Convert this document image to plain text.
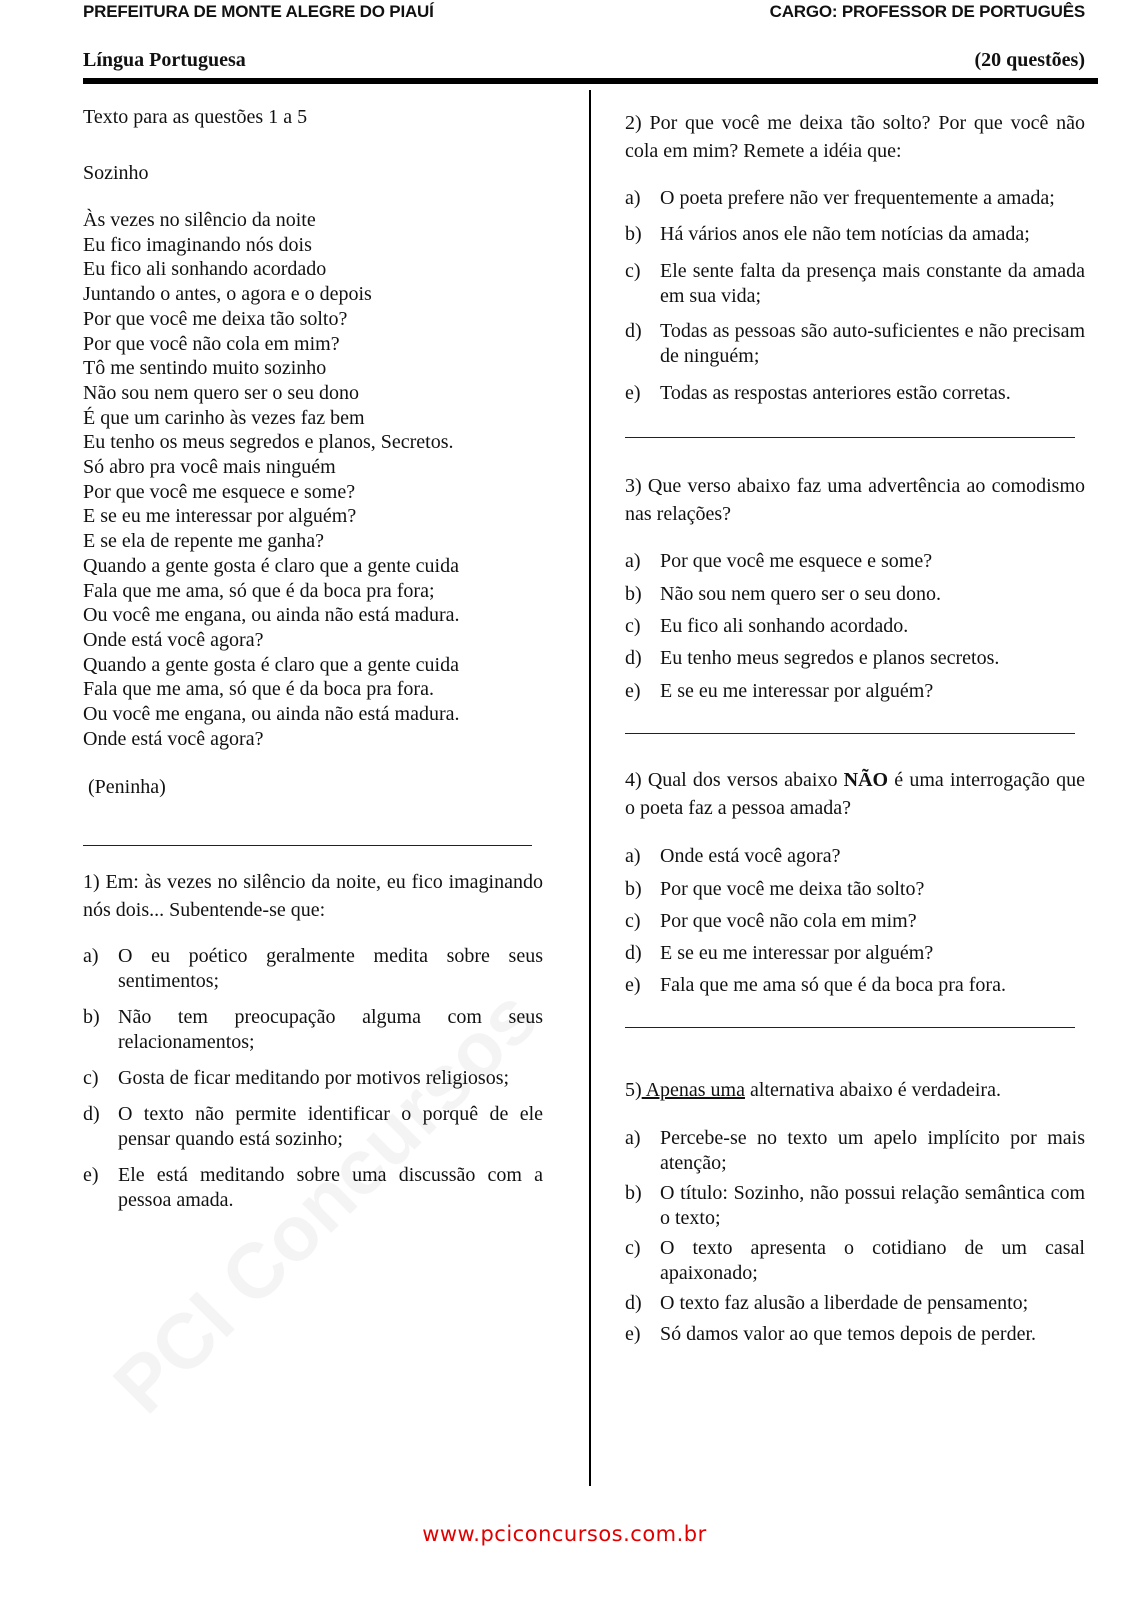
PREFEITURA DE MONTE ALEGRE DO PIAUÍ	CARGO: PROFESSOR DE PORTUGUÊS
Língua Portuguesa	(20 questões)
Texto para as questões 1 a 5
Sozinho
Às vezes no silêncio da noite
Eu fico imaginando nós dois
Eu fico ali sonhando acordado
Juntando o antes, o agora e o depois
Por que você me deixa tão solto?
Por que você não cola em mim?
Tô me sentindo muito sozinho
Não sou nem quero ser o seu dono
É que um carinho às vezes faz bem
Eu tenho os meus segredos e planos, Secretos.
Só abro pra você mais ninguém
Por que você me esquece e some?
E se eu me interessar por alguém?
E se ela de repente me ganha?
Quando a gente gosta é claro que a gente cuida
Fala que me ama, só que é da boca pra fora;
Ou você me engana, ou ainda não está madura.
Onde está você agora?
Quando a gente gosta é claro que a gente cuida
Fala que me ama, só que é da boca pra fora.
Ou você me engana, ou ainda não está madura.
Onde está você agora?
(Peninha)
1) Em: às vezes no silêncio da noite, eu fico imaginando nós dois... Subentende-se que:
a) O eu poético geralmente medita sobre seus sentimentos;
b) Não tem preocupação alguma com seus relacionamentos;
c) Gosta de ficar meditando por motivos religiosos;
d) O texto não permite identificar o porquê de ele pensar quando está sozinho;
e) Ele está meditando sobre uma discussão com a pessoa amada.
2) Por que você me deixa tão solto? Por que você não cola em mim? Remete a idéia que:
a) O poeta prefere não ver frequentemente a amada;
b) Há vários anos ele não tem notícias da amada;
c) Ele sente falta da presença mais constante da amada em sua vida;
d) Todas as pessoas são auto-suficientes e não precisam de ninguém;
e) Todas as respostas anteriores estão corretas.
3) Que verso abaixo faz uma advertência ao comodismo nas relações?
a) Por que você me esquece e some?
b) Não sou nem quero ser o seu dono.
c) Eu fico ali sonhando acordado.
d) Eu tenho meus segredos e planos secretos.
e) E se eu me interessar por alguém?
4) Qual dos versos abaixo NÃO é uma interrogação que o poeta faz a pessoa amada?
a) Onde está você agora?
b) Por que você me deixa tão solto?
c) Por que você não cola em mim?
d) E se eu me interessar por alguém?
e) Fala que me ama só que é da boca pra fora.
5) Apenas uma alternativa abaixo é verdadeira.
a) Percebe-se no texto um apelo implícito por mais atenção;
b) O título: Sozinho, não possui relação semântica com o texto;
c) O texto apresenta o cotidiano de um casal apaixonado;
d) O texto faz alusão a liberdade de pensamento;
e) Só damos valor ao que temos depois de perder.
www.pciconcursos.com.br
